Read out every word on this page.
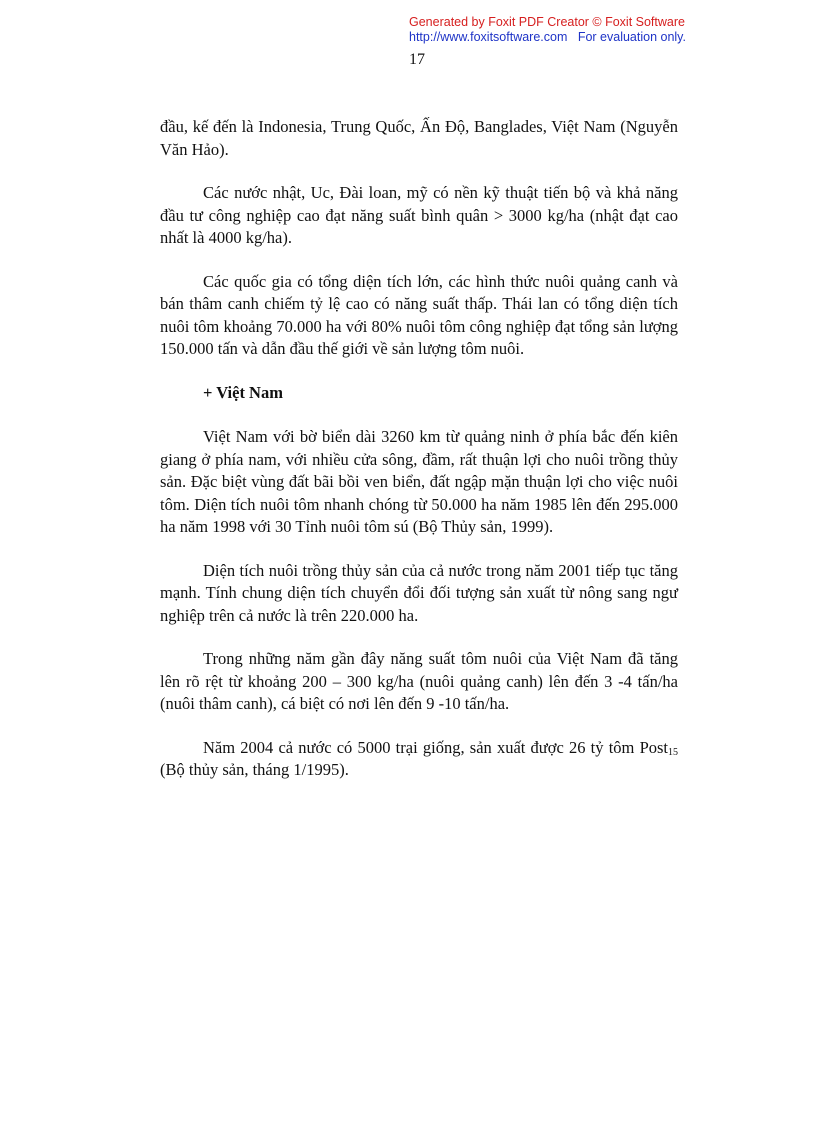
Generated by Foxit PDF Creator © Foxit Software
http://www.foxitsoftware.com For evaluation only.
17

đầu, kế đến là Indonesia, Trung Quốc, Ấn Độ, Banglades, Việt Nam (Nguyễn Văn Hảo).

Các nước nhật, Uc, Đài loan, mỹ có nền kỹ thuật tiến bộ và khả năng đầu tư công nghiệp cao đạt năng suất bình quân > 3000 kg/ha (nhật đạt cao nhất là 4000 kg/ha).

Các quốc gia có tổng diện tích lớn, các hình thức nuôi quảng canh và bán thâm canh chiếm tỷ lệ cao có năng suất thấp. Thái lan có tổng diện tích nuôi tôm khoảng 70.000 ha với 80% nuôi tôm công nghiệp đạt tổng sản lượng 150.000 tấn và dẫn đầu thế giới về sản lượng tôm nuôi.

+ Việt Nam

Việt Nam với bờ biển dài 3260 km từ quảng ninh ở phía bắc đến kiên giang ở phía nam, với nhiều cửa sông, đầm, rất thuận lợi cho nuôi trồng thủy sản. Đặc biệt vùng đất bãi bồi ven biển, đất ngập mặn thuận lợi cho việc nuôi tôm. Diện tích nuôi tôm nhanh chóng từ 50.000 ha năm 1985 lên đến 295.000 ha năm 1998 với 30 Tỉnh nuôi tôm sú (Bộ Thủy sản, 1999).

Diện tích nuôi trồng thủy sản của cả nước trong năm 2001 tiếp tục tăng mạnh. Tính chung diện tích chuyển đổi đối tượng sản xuất từ nông sang ngư nghiệp trên cả nước là trên 220.000 ha.

Trong những năm gần đây năng suất tôm nuôi của Việt Nam đã tăng lên rõ rệt từ khoảng 200 – 300 kg/ha (nuôi quảng canh) lên đến 3 -4 tấn/ha (nuôi thâm canh), cá biệt có nơi lên đến 9 -10 tấn/ha.

Năm 2004 cả nước có 5000 trại giống, sản xuất được 26 tỷ tôm Post$_{15}$ (Bộ thủy sản, tháng 1/1995).
